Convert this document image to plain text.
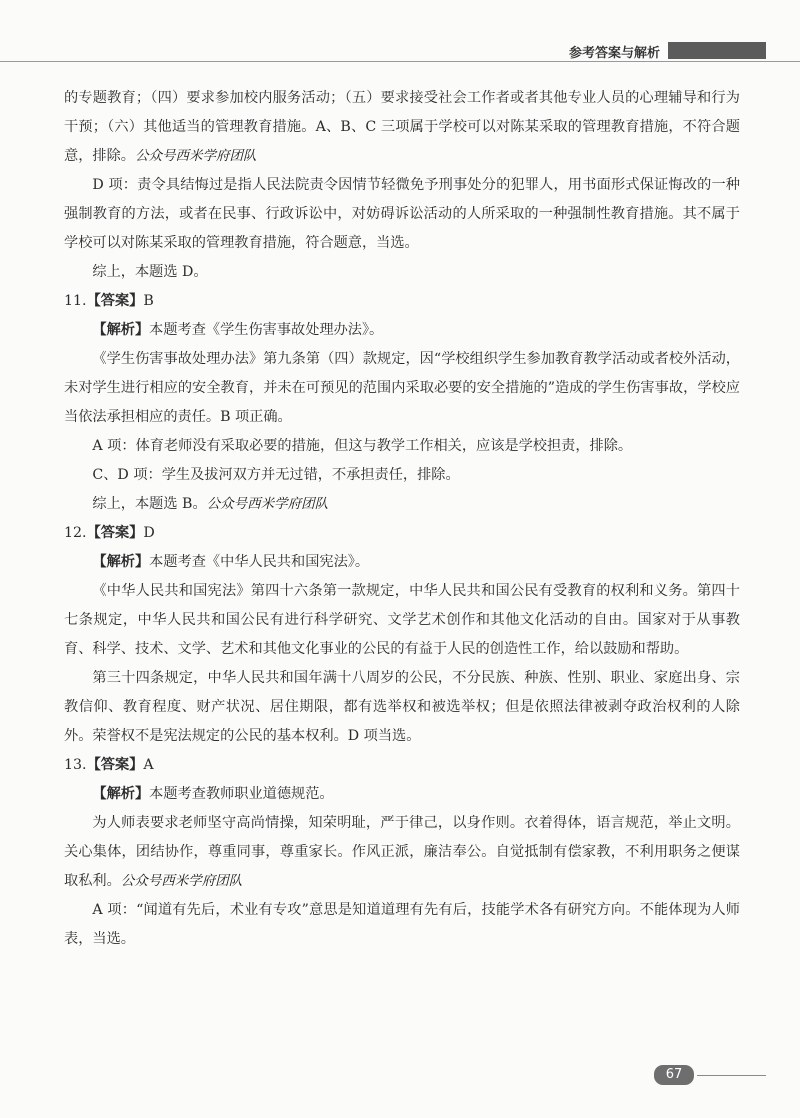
参考答案与解析

的专题教育；（四）要求参加校内服务活动；（五）要求接受社会工作者或者其他专业人员的心理辅导和行为干预；（六）其他适当的管理教育措施。A、B、C 三项属于学校可以对陈某采取的管理教育措施，不符合题意，排除。公众号西米学府团队

D 项：责令具结悔过是指人民法院责令因情节轻微免予刑事处分的犯罪人，用书面形式保证悔改的一种强制教育的方法，或者在民事、行政诉讼中，对妨碍诉讼活动的人所采取的一种强制性教育措施。其不属于学校可以对陈某采取的管理教育措施，符合题意，当选。

综上，本题选 D。

11.【答案】B

【解析】本题考查《学生伤害事故处理办法》。

《学生伤害事故处理办法》第九条第（四）款规定，因“学校组织学生参加教育教学活动或者校外活动，未对学生进行相应的安全教育，并未在可预见的范围内采取必要的安全措施的”造成的学生伤害事故，学校应当依法承担相应的责任。B 项正确。

A 项：体育老师没有采取必要的措施，但这与教学工作相关，应该是学校担责，排除。

C、D 项：学生及拔河双方并无过错，不承担责任，排除。

综上，本题选 B。公众号西米学府团队

12.【答案】D

【解析】本题考查《中华人民共和国宪法》。

《中华人民共和国宪法》第四十六条第一款规定，中华人民共和国公民有受教育的权利和义务。第四十七条规定，中华人民共和国公民有进行科学研究、文学艺术创作和其他文化活动的自由。国家对于从事教育、科学、技术、文学、艺术和其他文化事业的公民的有益于人民的创造性工作，给以鼓励和帮助。

第三十四条规定，中华人民共和国年满十八周岁的公民，不分民族、种族、性别、职业、家庭出身、宗教信仰、教育程度、财产状况、居住期限，都有选举权和被选举权；但是依照法律被剥夺政治权利的人除外。荣誉权不是宪法规定的公民的基本权利。D 项当选。

13.【答案】A

【解析】本题考查教师职业道德规范。

为人师表要求老师坚守高尚情操，知荣明耻，严于律己，以身作则。衣着得体，语言规范，举止文明。关心集体，团结协作，尊重同事，尊重家长。作风正派，廉洁奉公。自觉抵制有偿家教，不利用职务之便谋取私利。公众号西米学府团队

A 项：“闻道有先后，术业有专攻”意思是知道道理有先有后，技能学术各有研究方向。不能体现为人师表，当选。

67
